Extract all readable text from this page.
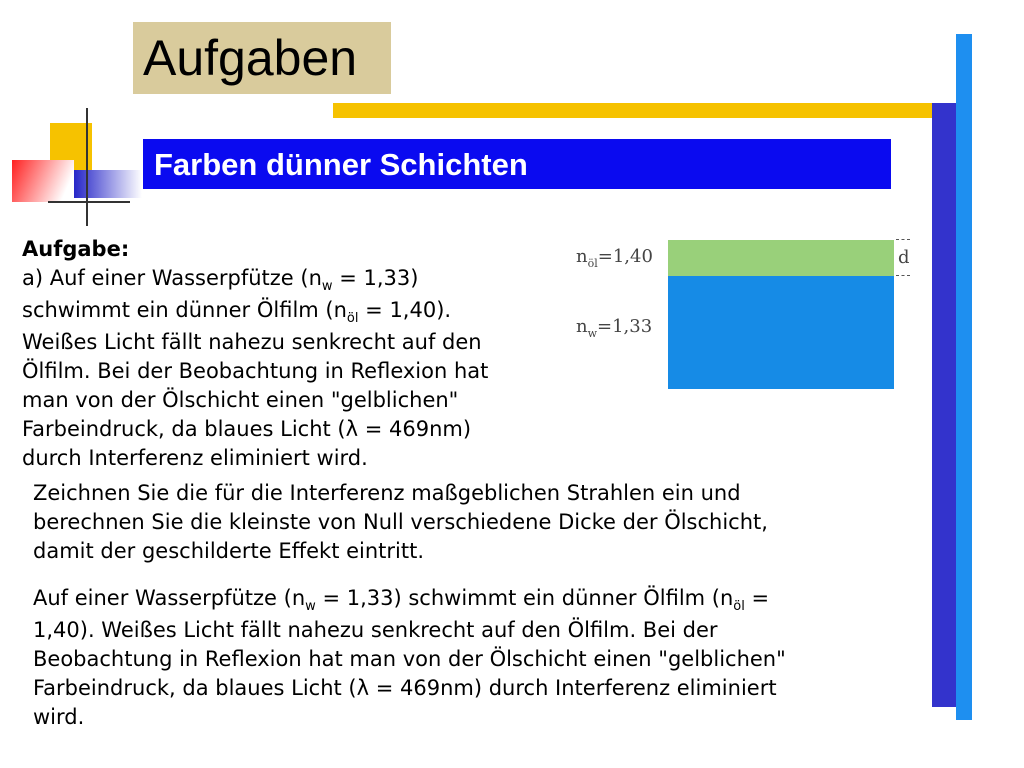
Aufgaben
Farben dünner Schichten
Aufgabe:
a) Auf einer Wasserpfütze $(n_w = 1,33)$
schwimmt ein dünner Ölfilm $(n_{öl} = 1,40)$.
Weißes Licht fällt nahezu senkrecht auf den
Ölfilm. Bei der Beobachtung in Reflexion hat
man von der Ölschicht einen "gelblichen"
Farbeindruck, da blaues Licht (λ = 469nm)
durch Interferenz eliminiert wird.
d
$n_{öl}=1,40$
$n_w=1,33$
Zeichnen Sie die für die Interferenz maßgeblichen Strahlen ein und
berechnen Sie die kleinste von Null verschiedene Dicke der Ölschicht,
damit der geschilderte Effekt eintritt.
Auf einer Wasserpfütze $(n_w = 1,33)$ schwimmt ein dünner Ölfilm ($n_{öl}$ =
1,40). Weißes Licht fällt nahezu senkrecht auf den Ölfilm. Bei der
Beobachtung in Reflexion hat man von der Ölschicht einen "gelblichen"
Farbeindruck, da blaues Licht (λ = 469nm) durch Interferenz eliminiert
wird.
